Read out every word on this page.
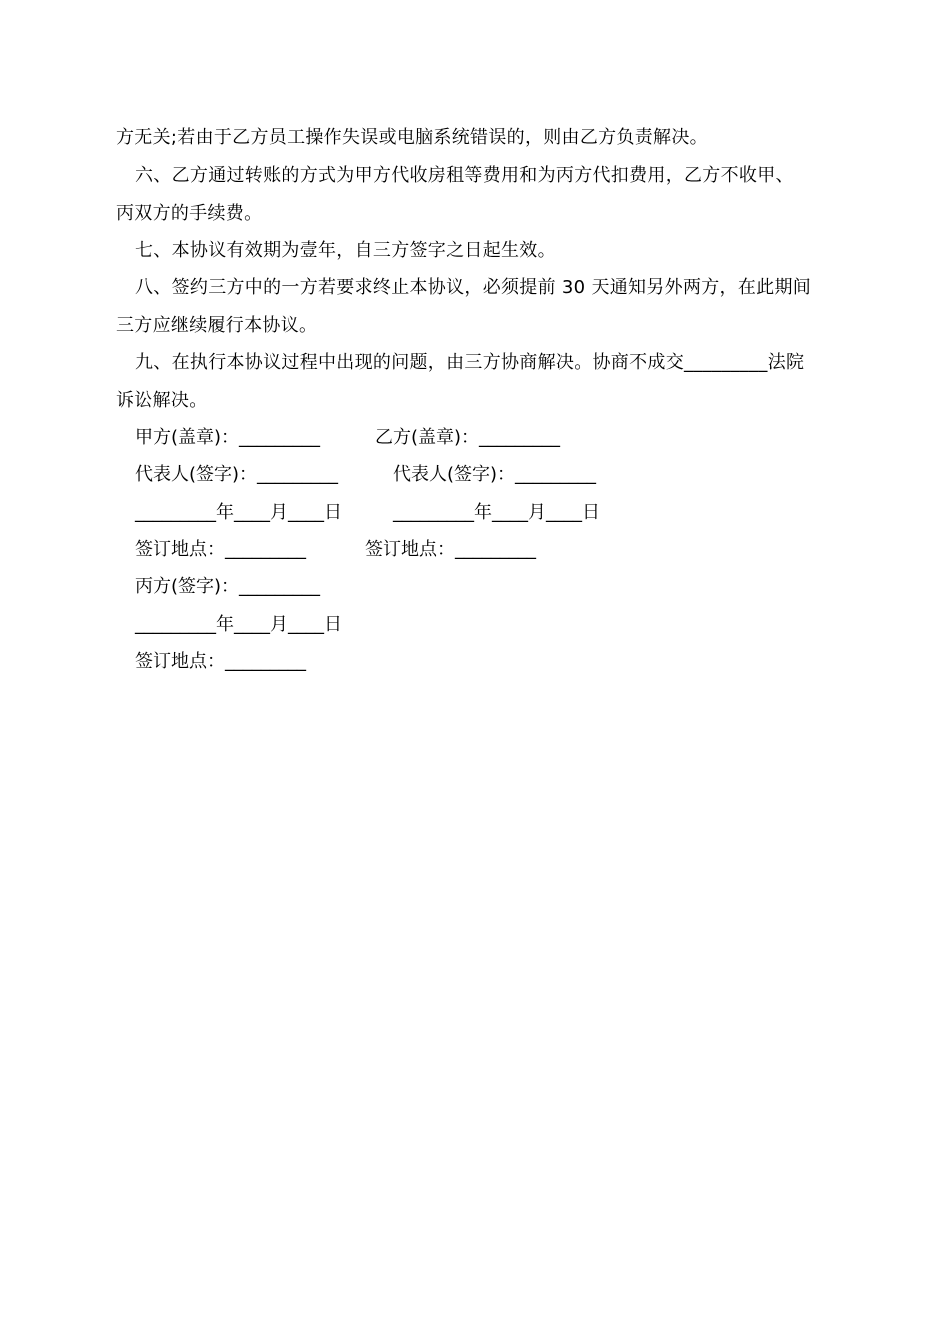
方无关;若由于乙方员工操作失误或电脑系统错误的，则由乙方负责解决。
六、乙方通过转账的方式为甲方代收房租等费用和为丙方代扣费用，乙方不收甲、
丙双方的手续费。
七、本协议有效期为壹年，自三方签字之日起生效。
八、签约三方中的一方若要求终止本协议，必须提前 30 天通知另外两方，在此期间
三方应继续履行本协议。
九、在执行本协议过程中出现的问题，由三方协商解决。协商不成交_________法院
诉讼解决。
甲方(盖章)：_________	乙方(盖章)：_________
代表人(签字)：_________	代表人(签字)：_________
_________年____月____日	_________年____月____日
签订地点：_________	签订地点：_________
丙方(签字)：_________
_________年____月____日
签订地点：_________
